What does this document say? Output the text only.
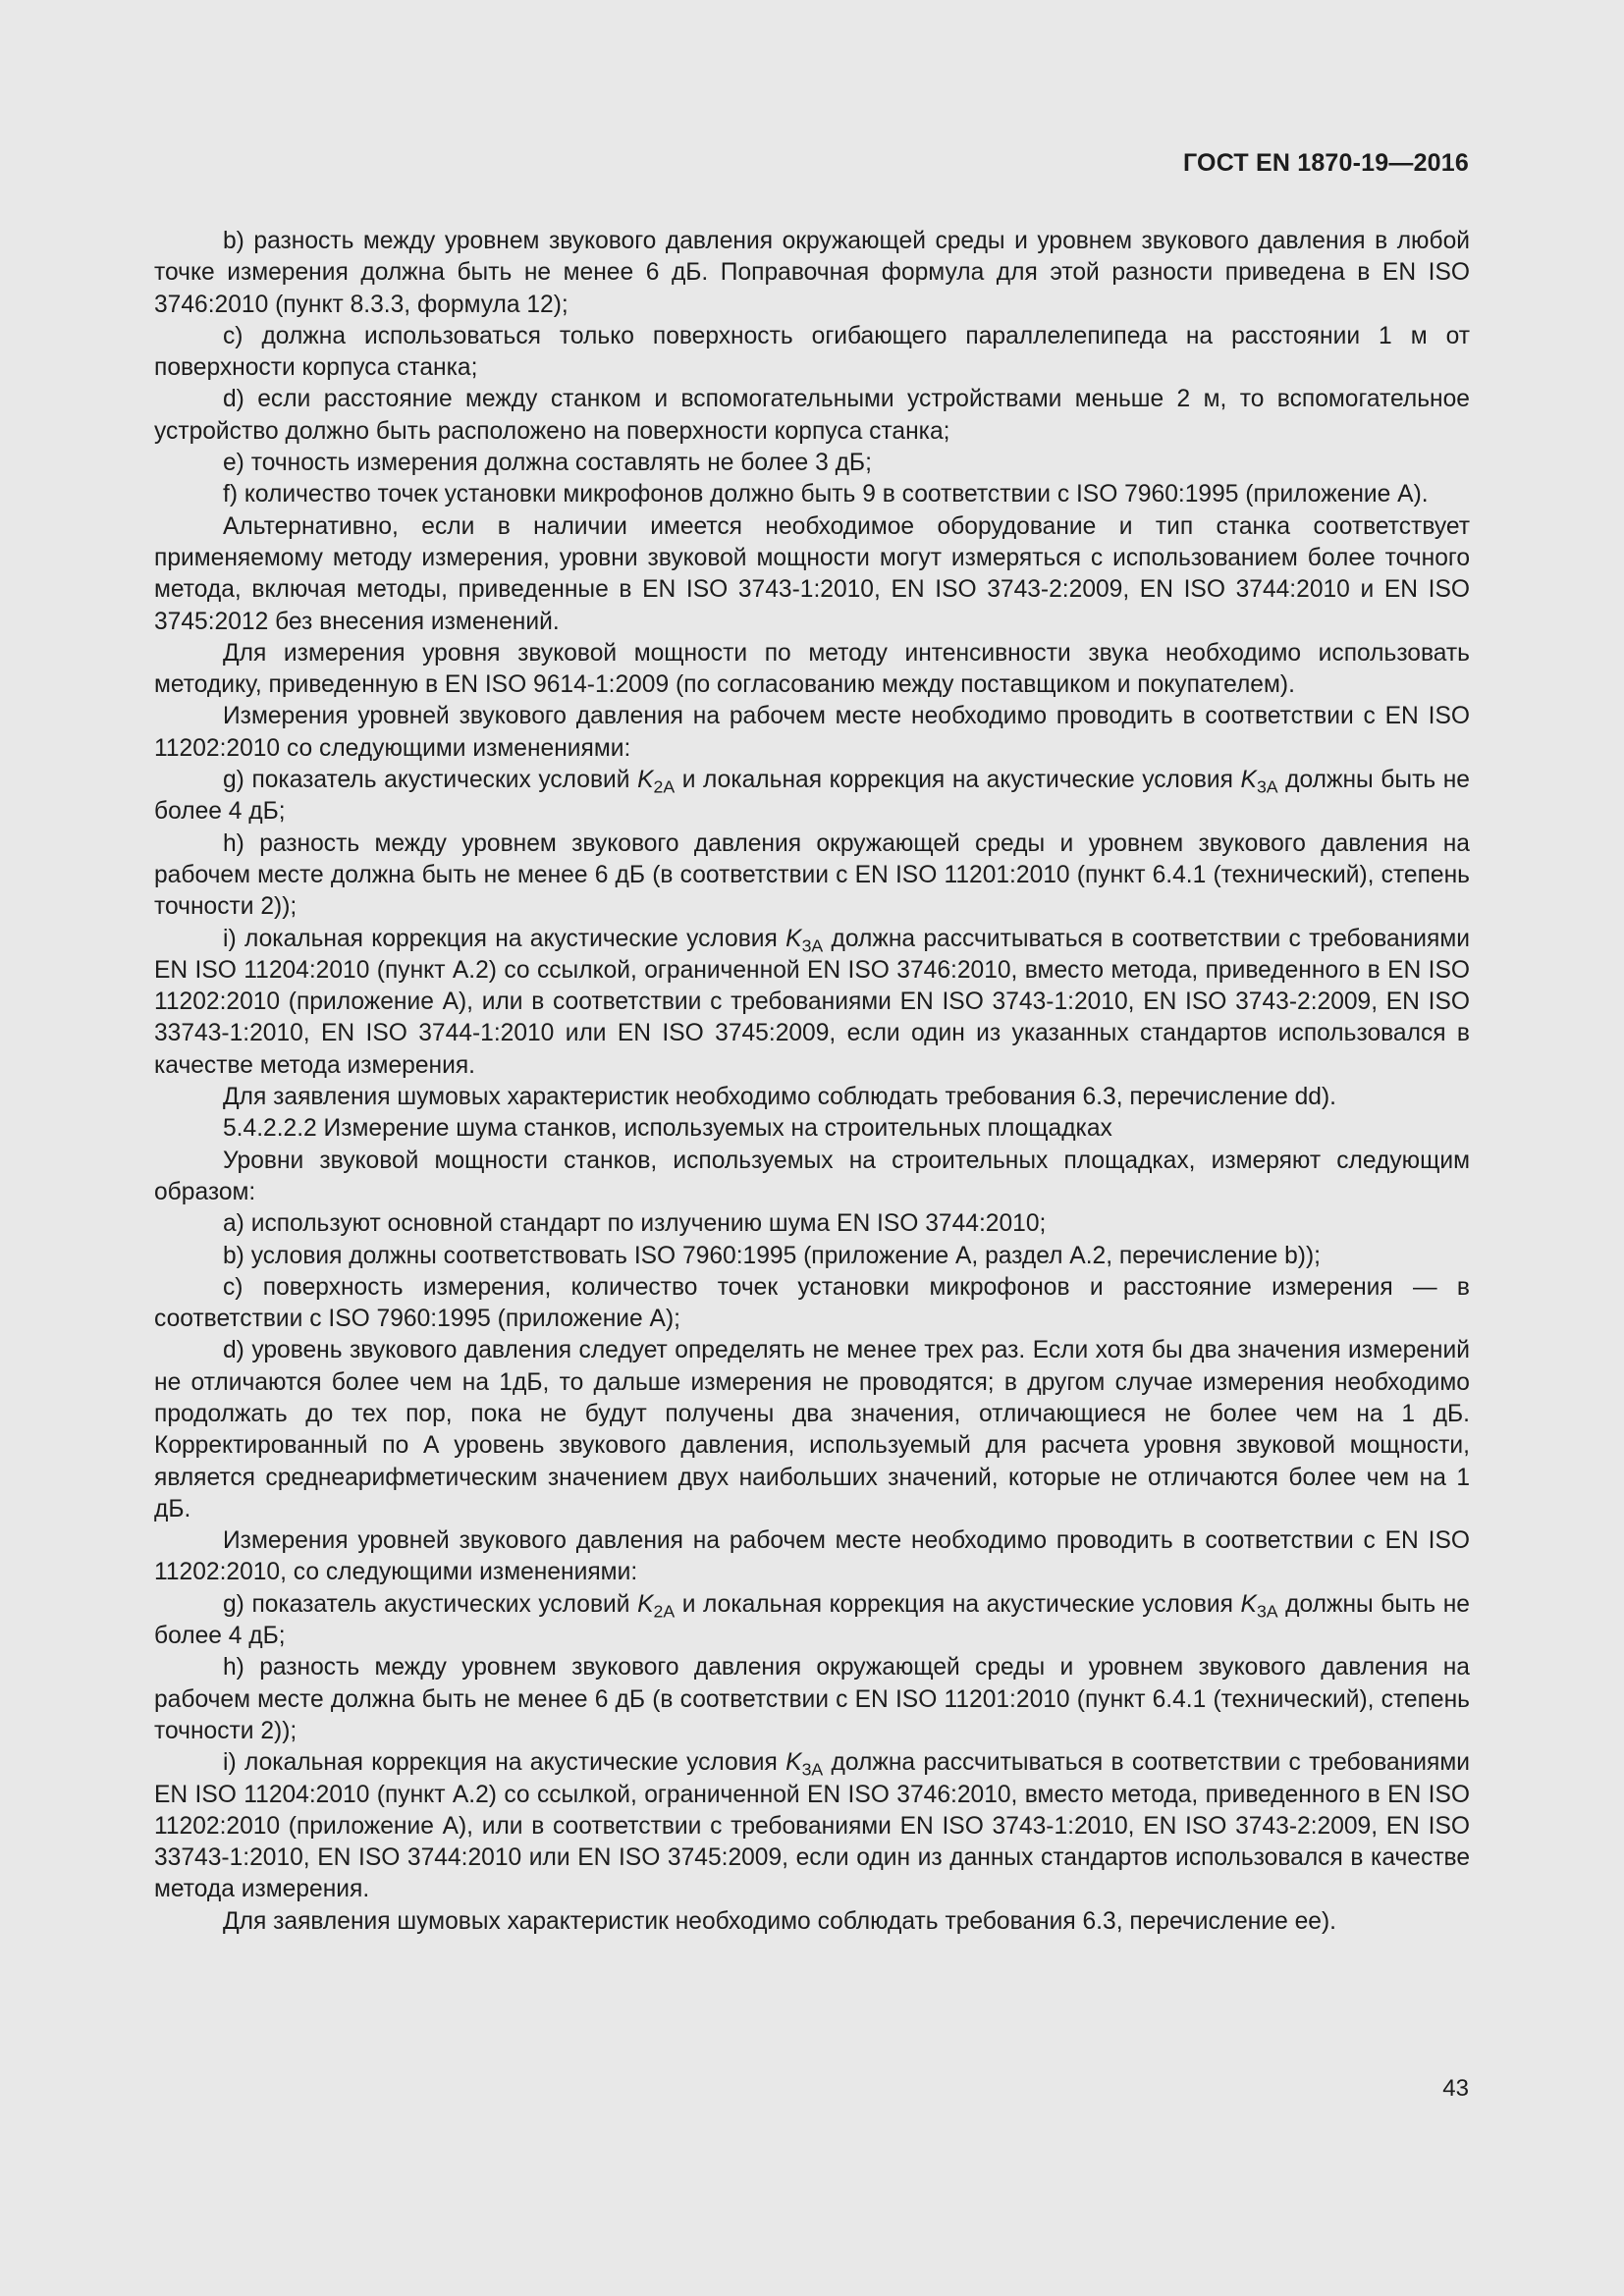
ГОСТ EN 1870-19—2016

b) разность между уровнем звукового давления окружающей среды и уровнем звукового давления в любой точке измерения должна быть не менее 6 дБ. Поправочная формула для этой разности приведена в EN ISO 3746:2010 (пункт 8.3.3, формула 12);

c) должна использоваться только поверхность огибающего параллелепипеда на расстоянии 1 м от поверхности корпуса станка;

d) если расстояние между станком и вспомогательными устройствами меньше 2 м, то вспомогательное устройство должно быть расположено на поверхности корпуса станка;

e) точность измерения должна составлять не более 3 дБ;

f) количество точек установки микрофонов должно быть 9 в соответствии с ISO 7960:1995 (приложение А).

Альтернативно, если в наличии имеется необходимое оборудование и тип станка соответствует применяемому методу измерения, уровни звуковой мощности могут измеряться с использованием более точного метода, включая методы, приведенные в EN ISO 3743-1:2010, EN ISO 3743-2:2009, EN ISO 3744:2010 и EN ISO 3745:2012 без внесения изменений.

Для измерения уровня звуковой мощности по методу интенсивности звука необходимо использовать методику, приведенную в EN ISO 9614-1:2009 (по согласованию между поставщиком и покупателем).

Измерения уровней звукового давления на рабочем месте необходимо проводить в соответствии с EN ISO 11202:2010 со следующими изменениями:

g) показатель акустических условий $K_{2A}$ и локальная коррекция на акустические условия $K_{3A}$ должны быть не более 4 дБ;

h) разность между уровнем звукового давления окружающей среды и уровнем звукового давления на рабочем месте должна быть не менее 6 дБ (в соответствии с EN ISO 11201:2010 (пункт 6.4.1 (технический), степень точности 2));

i) локальная коррекция на акустические условия $K_{3A}$ должна рассчитываться в соответствии с требованиями EN ISO 11204:2010 (пункт А.2) со ссылкой, ограниченной EN ISO 3746:2010, вместо метода, приведенного в EN ISO 11202:2010 (приложение А), или в соответствии с требованиями EN ISO 3743-1:2010, EN ISO 3743-2:2009, EN ISO 33743-1:2010, EN ISO 3744-1:2010 или EN ISO 3745:2009, если один из указанных стандартов использовался в качестве метода измерения.

Для заявления шумовых характеристик необходимо соблюдать требования 6.3, перечисление dd).

5.4.2.2.2 Измерение шума станков, используемых на строительных площадках

Уровни звуковой мощности станков, используемых на строительных площадках, измеряют следующим образом:

a) используют основной стандарт по излучению шума EN ISO 3744:2010;

b) условия должны соответствовать ISO 7960:1995 (приложение А, раздел А.2, перечисление b));

c) поверхность измерения, количество точек установки микрофонов и расстояние измерения — в соответствии с ISO 7960:1995 (приложение А);

d) уровень звукового давления следует определять не менее трех раз. Если хотя бы два значения измерений не отличаются более чем на 1дБ, то дальше измерения не проводятся; в другом случае измерения необходимо продолжать до тех пор, пока не будут получены два значения, отличающиеся не более чем на 1 дБ. Корректированный по А уровень звукового давления, используемый для расчета уровня звуковой мощности, является среднеарифметическим значением двух наибольших значений, которые не отличаются более чем на 1 дБ.

Измерения уровней звукового давления на рабочем месте необходимо проводить в соответствии с EN ISO 11202:2010, со следующими изменениями:

g) показатель акустических условий $K_{2A}$ и локальная коррекция на акустические условия $K_{3A}$ должны быть не более 4 дБ;

h) разность между уровнем звукового давления окружающей среды и уровнем звукового давления на рабочем месте должна быть не менее 6 дБ (в соответствии с EN ISO 11201:2010 (пункт 6.4.1 (технический), степень точности 2));

i) локальная коррекция на акустические условия $K_{3A}$ должна рассчитываться в соответствии с требованиями EN ISO 11204:2010 (пункт А.2) со ссылкой, ограниченной EN ISO 3746:2010, вместо метода, приведенного в EN ISO 11202:2010 (приложение А), или в соответствии с требованиями EN ISO 3743-1:2010, EN ISO 3743-2:2009, EN ISO 33743-1:2010, EN ISO 3744:2010 или EN ISO 3745:2009, если один из данных стандартов использовался в качестве метода измерения.

Для заявления шумовых характеристик необходимо соблюдать требования 6.3, перечисление ee).

43
